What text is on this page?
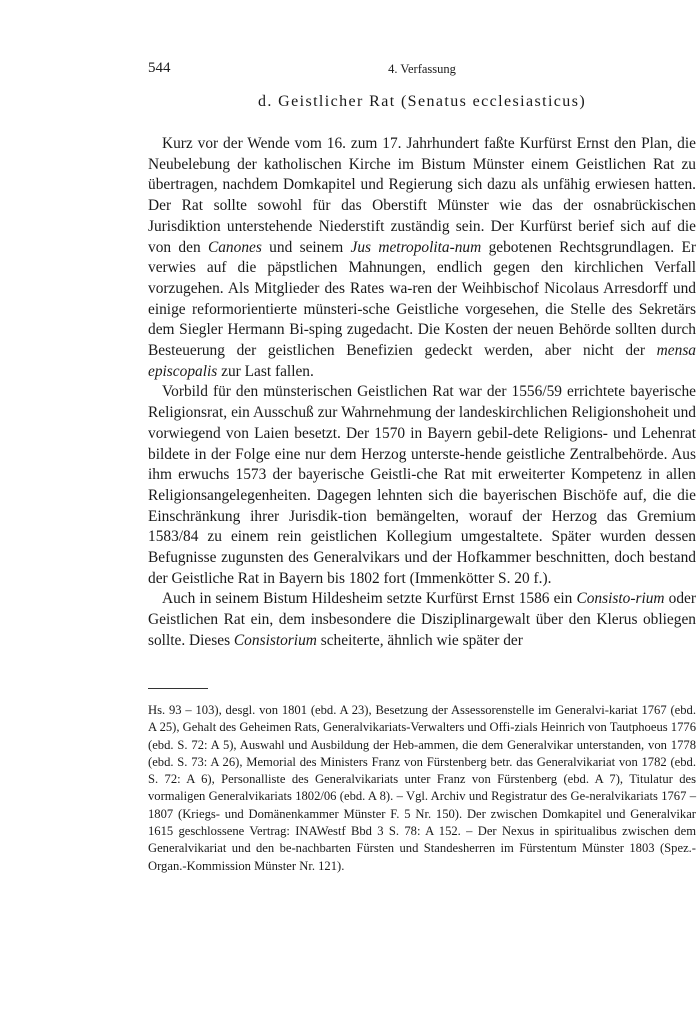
544	4. Verfassung
d. Geistlicher Rat (Senatus ecclesiasticus)

Kurz vor der Wende vom 16. zum 17. Jahrhundert faßte Kurfürst Ernst den Plan, die Neubelebung der katholischen Kirche im Bistum Münster einem Geistlichen Rat zu übertragen, nachdem Domkapitel und Regierung sich dazu als unfähig erwiesen hatten. Der Rat sollte sowohl für das Oberstift Münster wie das der osnabrückischen Jurisdiktion unterstehende Niederstift zuständig sein. Der Kurfürst berief sich auf die von den Canones und seinem Jus metropolita-num gebotenen Rechtsgrundlagen. Er verwies auf die päpstlichen Mahnungen, endlich gegen den kirchlichen Verfall vorzugehen. Als Mitglieder des Rates wa-ren der Weihbischof Nicolaus Arresdorff und einige reformorientierte münsteri-sche Geistliche vorgesehen, die Stelle des Sekretärs dem Siegler Hermann Bi-sping zugedacht. Die Kosten der neuen Behörde sollten durch Besteuerung der geistlichen Benefizien gedeckt werden, aber nicht der mensa episcopalis zur Last fallen.

Vorbild für den münsterischen Geistlichen Rat war der 1556/59 errichtete bayerische Religionsrat, ein Ausschuß zur Wahrnehmung der landeskirchlichen Religionshoheit und vorwiegend von Laien besetzt. Der 1570 in Bayern gebil-dete Religions- und Lehenrat bildete in der Folge eine nur dem Herzog unterste-hende geistliche Zentralbehörde. Aus ihm erwuchs 1573 der bayerische Geistli-che Rat mit erweiterter Kompetenz in allen Religionsangelegenheiten. Dagegen lehnten sich die bayerischen Bischöfe auf, die die Einschränkung ihrer Jurisdik-tion bemängelten, worauf der Herzog das Gremium 1583/84 zu einem rein geistlichen Kollegium umgestaltete. Später wurden dessen Befugnisse zugunsten des Generalvikars und der Hofkammer beschnitten, doch bestand der Geistliche Rat in Bayern bis 1802 fort (Immenkötter S. 20 f.).

Auch in seinem Bistum Hildesheim setzte Kurfürst Ernst 1586 ein Consisto-rium oder Geistlichen Rat ein, dem insbesondere die Disziplinargewalt über den Klerus obliegen sollte. Dieses Consistorium scheiterte, ähnlich wie später der

Hs. 93 – 103), desgl. von 1801 (ebd. A 23), Besetzung der Assessorenstelle im Generalvi-kariat 1767 (ebd. A 25), Gehalt des Geheimen Rats, Generalvikariats-Verwalters und Offi-zials Heinrich von Tautphoeus 1776 (ebd. S. 72: A 5), Auswahl und Ausbildung der Heb-ammen, die dem Generalvikar unterstanden, von 1778 (ebd. S. 73: A 26), Memorial des Ministers Franz von Fürstenberg betr. das Generalvikariat von 1782 (ebd. S. 72: A 6), Personalliste des Generalvikariats unter Franz von Fürstenberg (ebd. A 7), Titulatur des vormaligen Generalvikariats 1802/06 (ebd. A 8). – Vgl. Archiv und Registratur des Ge-neralvikariats 1767 – 1807 (Kriegs- und Domänenkammer Münster F. 5 Nr. 150). Der zwischen Domkapitel und Generalvikar 1615 geschlossene Vertrag: INAWestf Bbd 3 S. 78: A 152. – Der Nexus in spiritualibus zwischen dem Generalvikariat und den be-nachbarten Fürsten und Standesherren im Fürstentum Münster 1803 (Spez.-Organ.-Kommission Münster Nr. 121).
